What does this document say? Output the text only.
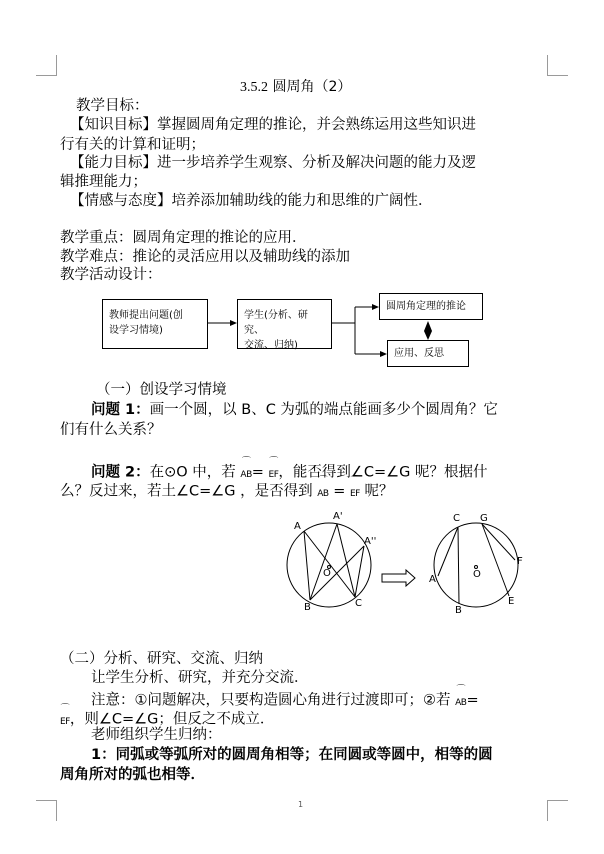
3.5.2 圆周角（2）
教学目标：
【知识目标】掌握圆周角定理的推论，并会熟练运用这些知识进
行有关的计算和证明；
【能力目标】进一步培养学生观察、分析及解决问题的能力及逻
辑推理能力；
【情感与态度】培养添加辅助线的能力和思维的广阔性．
教学重点：圆周角定理的推论的应用．
教学难点：推论的灵活应用以及辅助线的添加
教学活动设计：
教师提出问题(创
设学习情境)
学生(分析、研究、
交流、归纳)
圆周角定理的推论
应用、反思
（一）创设学习情境
问题 1：画一个圆，以 B、C 为弧的端点能画多少个圆周角？它
们有什么关系？
问题 2：在⊙O 中，若 ⌒ AB= ⌒ EF，能否得到∠C=∠G 呢？根据什
么？反过来，若土∠C=∠G ，是否得到 ⌒ AB = ⌒ EF 呢？
A
A'
A''
O
B	C
C G
A	O
F
B
E
（二）分析、研究、交流、归纳
让学生分析、研究，并充分交流．
注意：①问题解决，只要构造圆心角进行过渡即可；②若 ⌒ AB=
⌒ EF，则∠C=∠G；但反之不成立．
老师组织学生归纳：
1：同弧或等弧所对的圆周角相等；在同圆或等圆中，相等的圆
周角所对的弧也相等．
1
